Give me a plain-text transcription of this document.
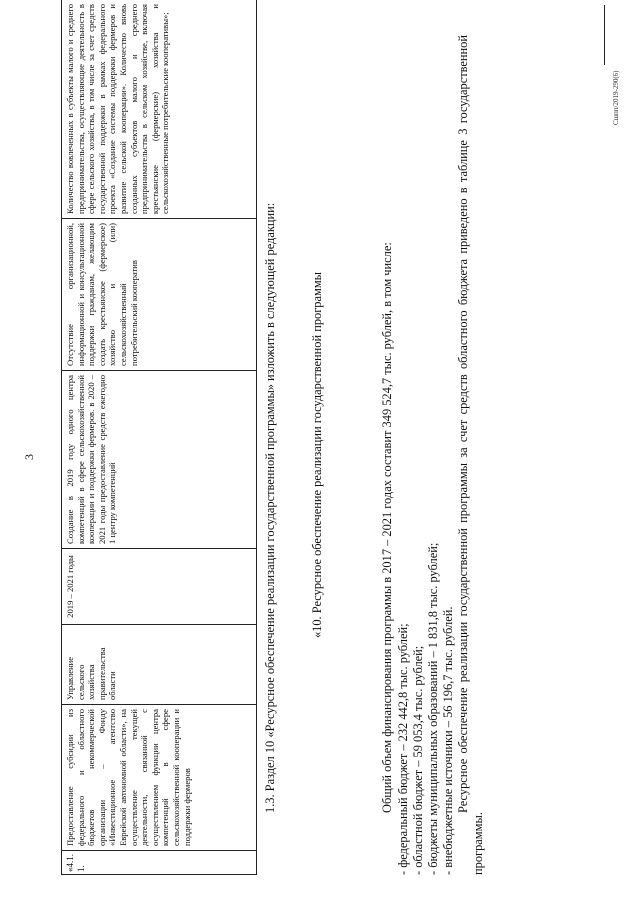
3
«4.1.1.	Предоставление субсидии из федерального и областного бюджетов некоммерческой организации – Фонду «Инвестиционное агентство Еврейской автономной области», на осуществление текущей деятельности, связанной с осуществлением функции центра компетенций в сфере сельскохозяйственной кооперации и поддержки фермеров	Управление сельского хозяйства правительства области	2019 – 2021 годы	Создание в 2019 году одного центра компетенций в сфере сельскохозяйственной кооперации и поддержки фермеров. в 2020 – 2021 годы предоставление средств ежегодно 1 центру компетенций	Отсутствие организационной, информационной и консультационной поддержки гражданам, желающим создать крестьянское (фермерское) хозяйство и (или) сельскохозяйственный потребительский кооператив	Количество вовлеченных в субъекты малого и среднего предпринимательства, осуществляющие деятельность в сфере сельского хозяйства, в том числе за счет средств государственной поддержки в рамках федерального проекта «Создание системы поддержки фермеров и развитие сельской кооперации». Количество вновь созданных субъектов малого и среднего предпринимательства в сельском хозяйстве, включая крестьянские (фермерские) хозяйства и сельскохозяйственные потребительские кооперативы»;

1.3. Раздел 10 «Ресурсное обеспечение реализации государственной программы» изложить в следующей редакции:	«10. Ресурсное обеспечение реализации государственной программы	Общий объем финансирования программы в 2017 – 2021 годах составит 349 524,7 тыс. рублей, в том числе: - федеральный бюджет – 232 442,8 тыс. рублей; - областной бюджет – 59 053,4 тыс. рублей; - бюджеты муниципальных образований – 1 831,8 тыс. рублей; - внебюджетные источники – 56 196,7 тыс. рублей. Ресурсное обеспечение реализации государственной программы за счет средств областного бюджета приведено в таблице 3 государственной программы.
Сшпп/2019-290(6)
